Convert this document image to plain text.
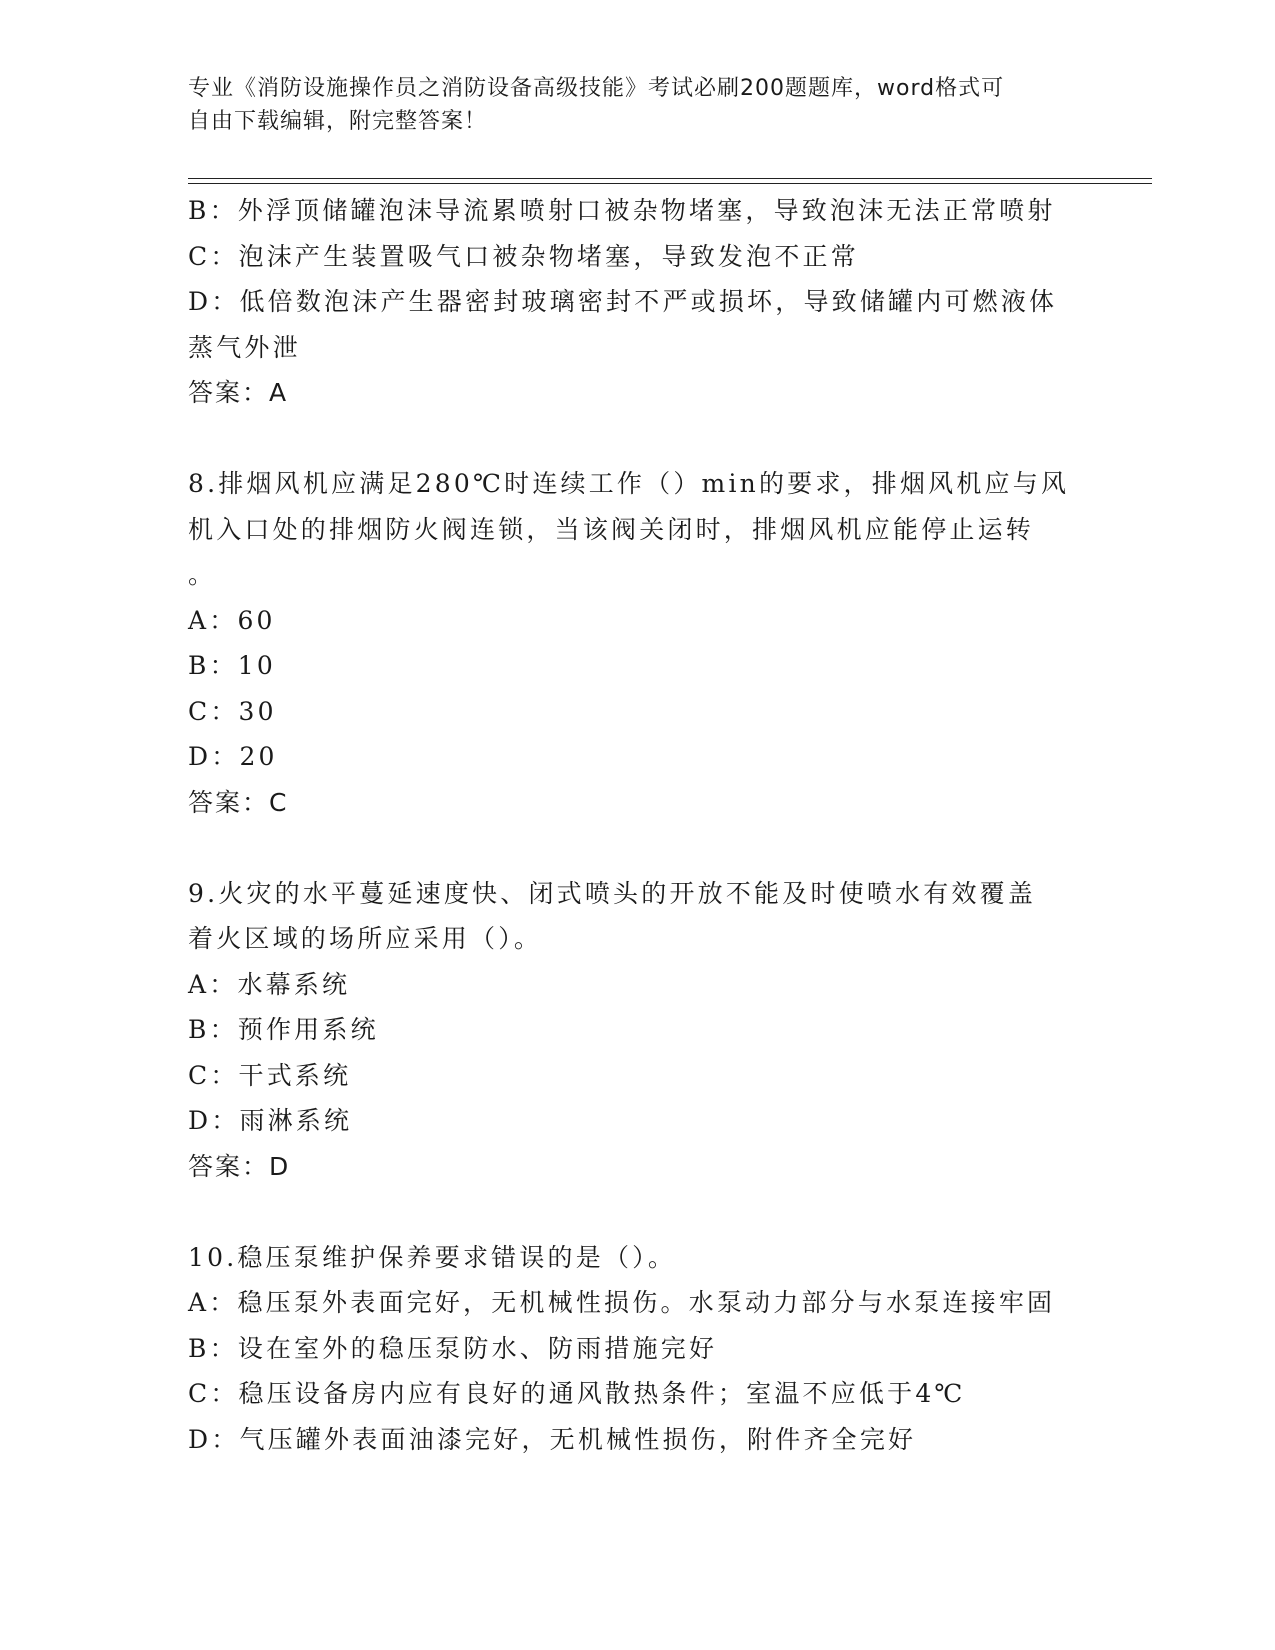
专业《消防设施操作员之消防设备高级技能》考试必刷200题题库，word格式可
自由下载编辑，附完整答案！
B：外浮顶储罐泡沫导流累喷射口被杂物堵塞，导致泡沫无法正常喷射
C：泡沫产生装置吸气口被杂物堵塞，导致发泡不正常
D：低倍数泡沫产生器密封玻璃密封不严或损坏，导致储罐内可燃液体
蒸气外泄
答案：A
8.排烟风机应满足280℃时连续工作（）min的要求，排烟风机应与风
机入口处的排烟防火阀连锁，当该阀关闭时，排烟风机应能停止运转
。
A：60
B：10
C：30
D：20
答案：C
9.火灾的水平蔓延速度快、闭式喷头的开放不能及时使喷水有效覆盖
着火区域的场所应采用（）。
A：水幕系统
B：预作用系统
C：干式系统
D：雨淋系统
答案：D
10.稳压泵维护保养要求错误的是（）。
A：稳压泵外表面完好，无机械性损伤。水泵动力部分与水泵连接牢固
B：设在室外的稳压泵防水、防雨措施完好
C：稳压设备房内应有良好的通风散热条件；室温不应低于4℃
D：气压罐外表面油漆完好，无机械性损伤，附件齐全完好
